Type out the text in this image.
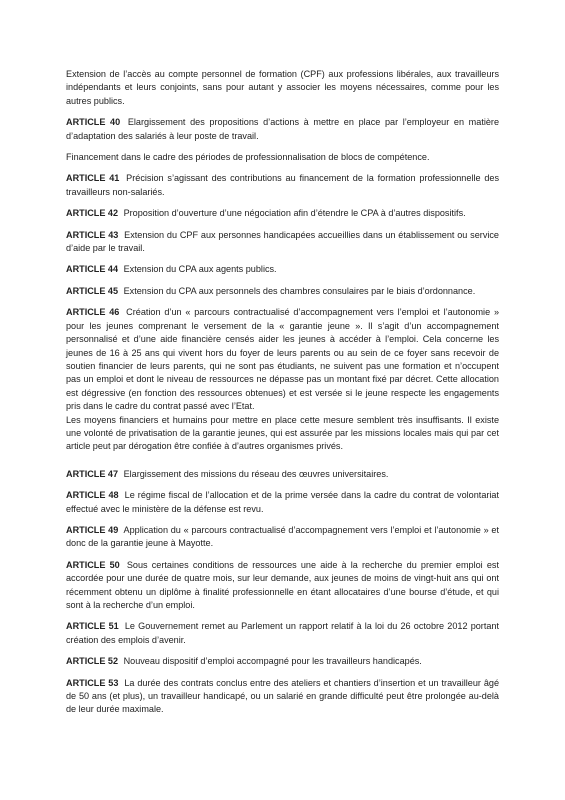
Extension de l’accès au compte personnel de formation (CPF) aux professions libérales, aux travailleurs indépendants et leurs conjoints, sans pour autant y associer les moyens nécessaires, comme pour les autres publics.

ARTICLE 40 Elargissement des propositions d’actions à mettre en place par l’employeur en matière d’adaptation des salariés à leur poste de travail.

Financement dans le cadre des périodes de professionnalisation de blocs de compétence.

ARTICLE 41 Précision s’agissant des contributions au financement de la formation professionnelle des travailleurs non-salariés.

ARTICLE 42 Proposition d’ouverture d’une négociation afin d’étendre le CPA à d’autres dispositifs.

ARTICLE 43 Extension du CPF aux personnes handicapées accueillies dans un établissement ou service d’aide par le travail.

ARTICLE 44 Extension du CPA aux agents publics.

ARTICLE 45 Extension du CPA aux personnels des chambres consulaires par le biais d’ordonnance.

ARTICLE 46 Création d’un « parcours contractualisé d’accompagnement vers l’emploi et l’autonomie » pour les jeunes comprenant le versement de la « garantie jeune ». Il s’agit d’un accompagnement personnalisé et d’une aide financière censés aider les jeunes à accéder à l’emploi. Cela concerne les jeunes de 16 à 25 ans qui vivent hors du foyer de leurs parents ou au sein de ce foyer sans recevoir de soutien financier de leurs parents, qui ne sont pas étudiants, ne suivent pas une formation et n’occupent pas un emploi et dont le niveau de ressources ne dépasse pas un montant fixé par décret. Cette allocation est dégressive (en fonction des ressources obtenues) et est versée si le jeune respecte les engagements pris dans le cadre du contrat passé avec l’Etat.

Les moyens financiers et humains pour mettre en place cette mesure semblent très insuffisants. Il existe une volonté de privatisation de la garantie jeunes, qui est assurée par les missions locales mais qui par cet article peut par dérogation être confiée à d’autres organismes privés.

ARTICLE 47 Elargissement des missions du réseau des œuvres universitaires.

ARTICLE 48 Le régime fiscal de l’allocation et de la prime versée dans la cadre du contrat de volontariat effectué avec le ministère de la défense est revu.

ARTICLE 49 Application du « parcours contractualisé d’accompagnement vers l’emploi et l’autonomie » et donc de la garantie jeune à Mayotte.

ARTICLE 50 Sous certaines conditions de ressources une aide à la recherche du premier emploi est accordée pour une durée de quatre mois, sur leur demande, aux jeunes de moins de vingt-huit ans qui ont récemment obtenu un diplôme à finalité professionnelle en étant allocataires d’une bourse d’étude, et qui sont à la recherche d’un emploi.

ARTICLE 51 Le Gouvernement remet au Parlement un rapport relatif à la loi du 26 octobre 2012 portant création des emplois d’avenir.

ARTICLE 52 Nouveau dispositif d’emploi accompagné pour les travailleurs handicapés.

ARTICLE 53 La durée des contrats conclus entre des ateliers et chantiers d’insertion et un travailleur âgé de 50 ans (et plus), un travailleur handicapé, ou un salarié en grande difficulté peut être prolongée au-delà de leur durée maximale.
